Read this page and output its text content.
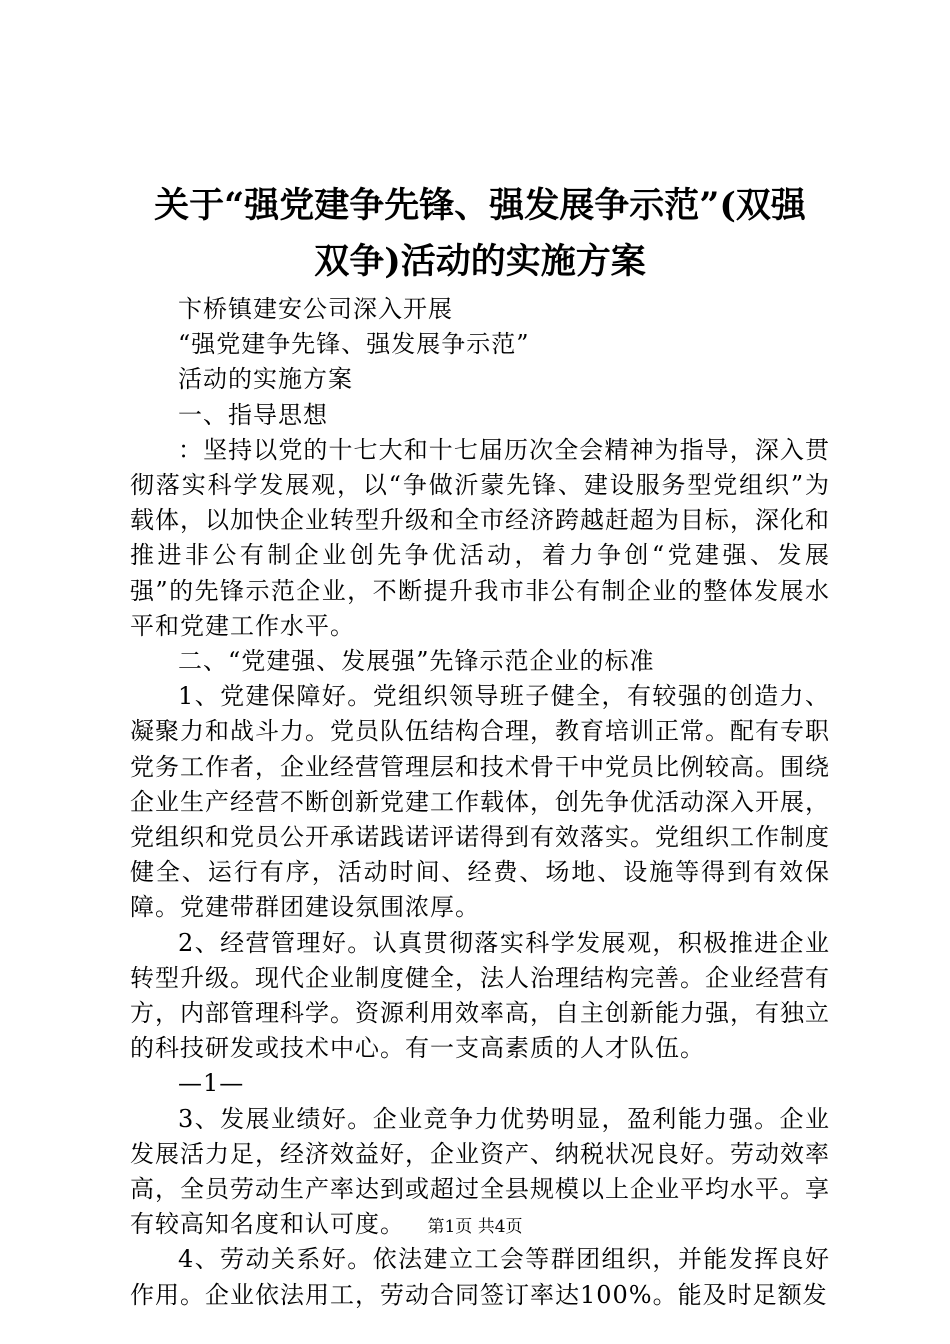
关于“强党建争先锋、强发展争示范”(双强
双争)活动的实施方案

卞桥镇建安公司深入开展

“强党建争先锋、强发展争示范”

活动的实施方案

一、指导思想

：坚持以党的十七大和十七届历次全会精神为指导，深入贯彻落实科学发展观，以“争做沂蒙先锋、建设服务型党组织”为载体，以加快企业转型升级和全市经济跨越赶超为目标，深化和推进非公有制企业创先争优活动，着力争创“党建强、发展强”的先锋示范企业，不断提升我市非公有制企业的整体发展水平和党建工作水平。

二、“党建强、发展强”先锋示范企业的标准

1、党建保障好。党组织领导班子健全，有较强的创造力、凝聚力和战斗力。党员队伍结构合理，教育培训正常。配有专职党务工作者，企业经营管理层和技术骨干中党员比例较高。围绕企业生产经营不断创新党建工作载体，创先争优活动深入开展，党组织和党员公开承诺践诺评诺得到有效落实。党组织工作制度健全、运行有序，活动时间、经费、场地、设施等得到有效保障。党建带群团建设氛围浓厚。

2、经营管理好。认真贯彻落实科学发展观，积极推进企业转型升级。现代企业制度健全，法人治理结构完善。企业经营有方，内部管理科学。资源利用效率高，自主创新能力强，有独立的科技研发或技术中心。有一支高素质的人才队伍。

—1—

3、发展业绩好。企业竞争力优势明显，盈利能力强。企业发展活力足，经济效益好，企业资产、纳税状况良好。劳动效率高，全员劳动生产率达到或超过全县规模以上企业平均水平。享有较高知名度和认可度。

4、劳动关系好。依法建立工会等群团组织，并能发挥良好作用。企业依法用工，劳动合同签订率达100%。能及时足额发

第1页 共4页
